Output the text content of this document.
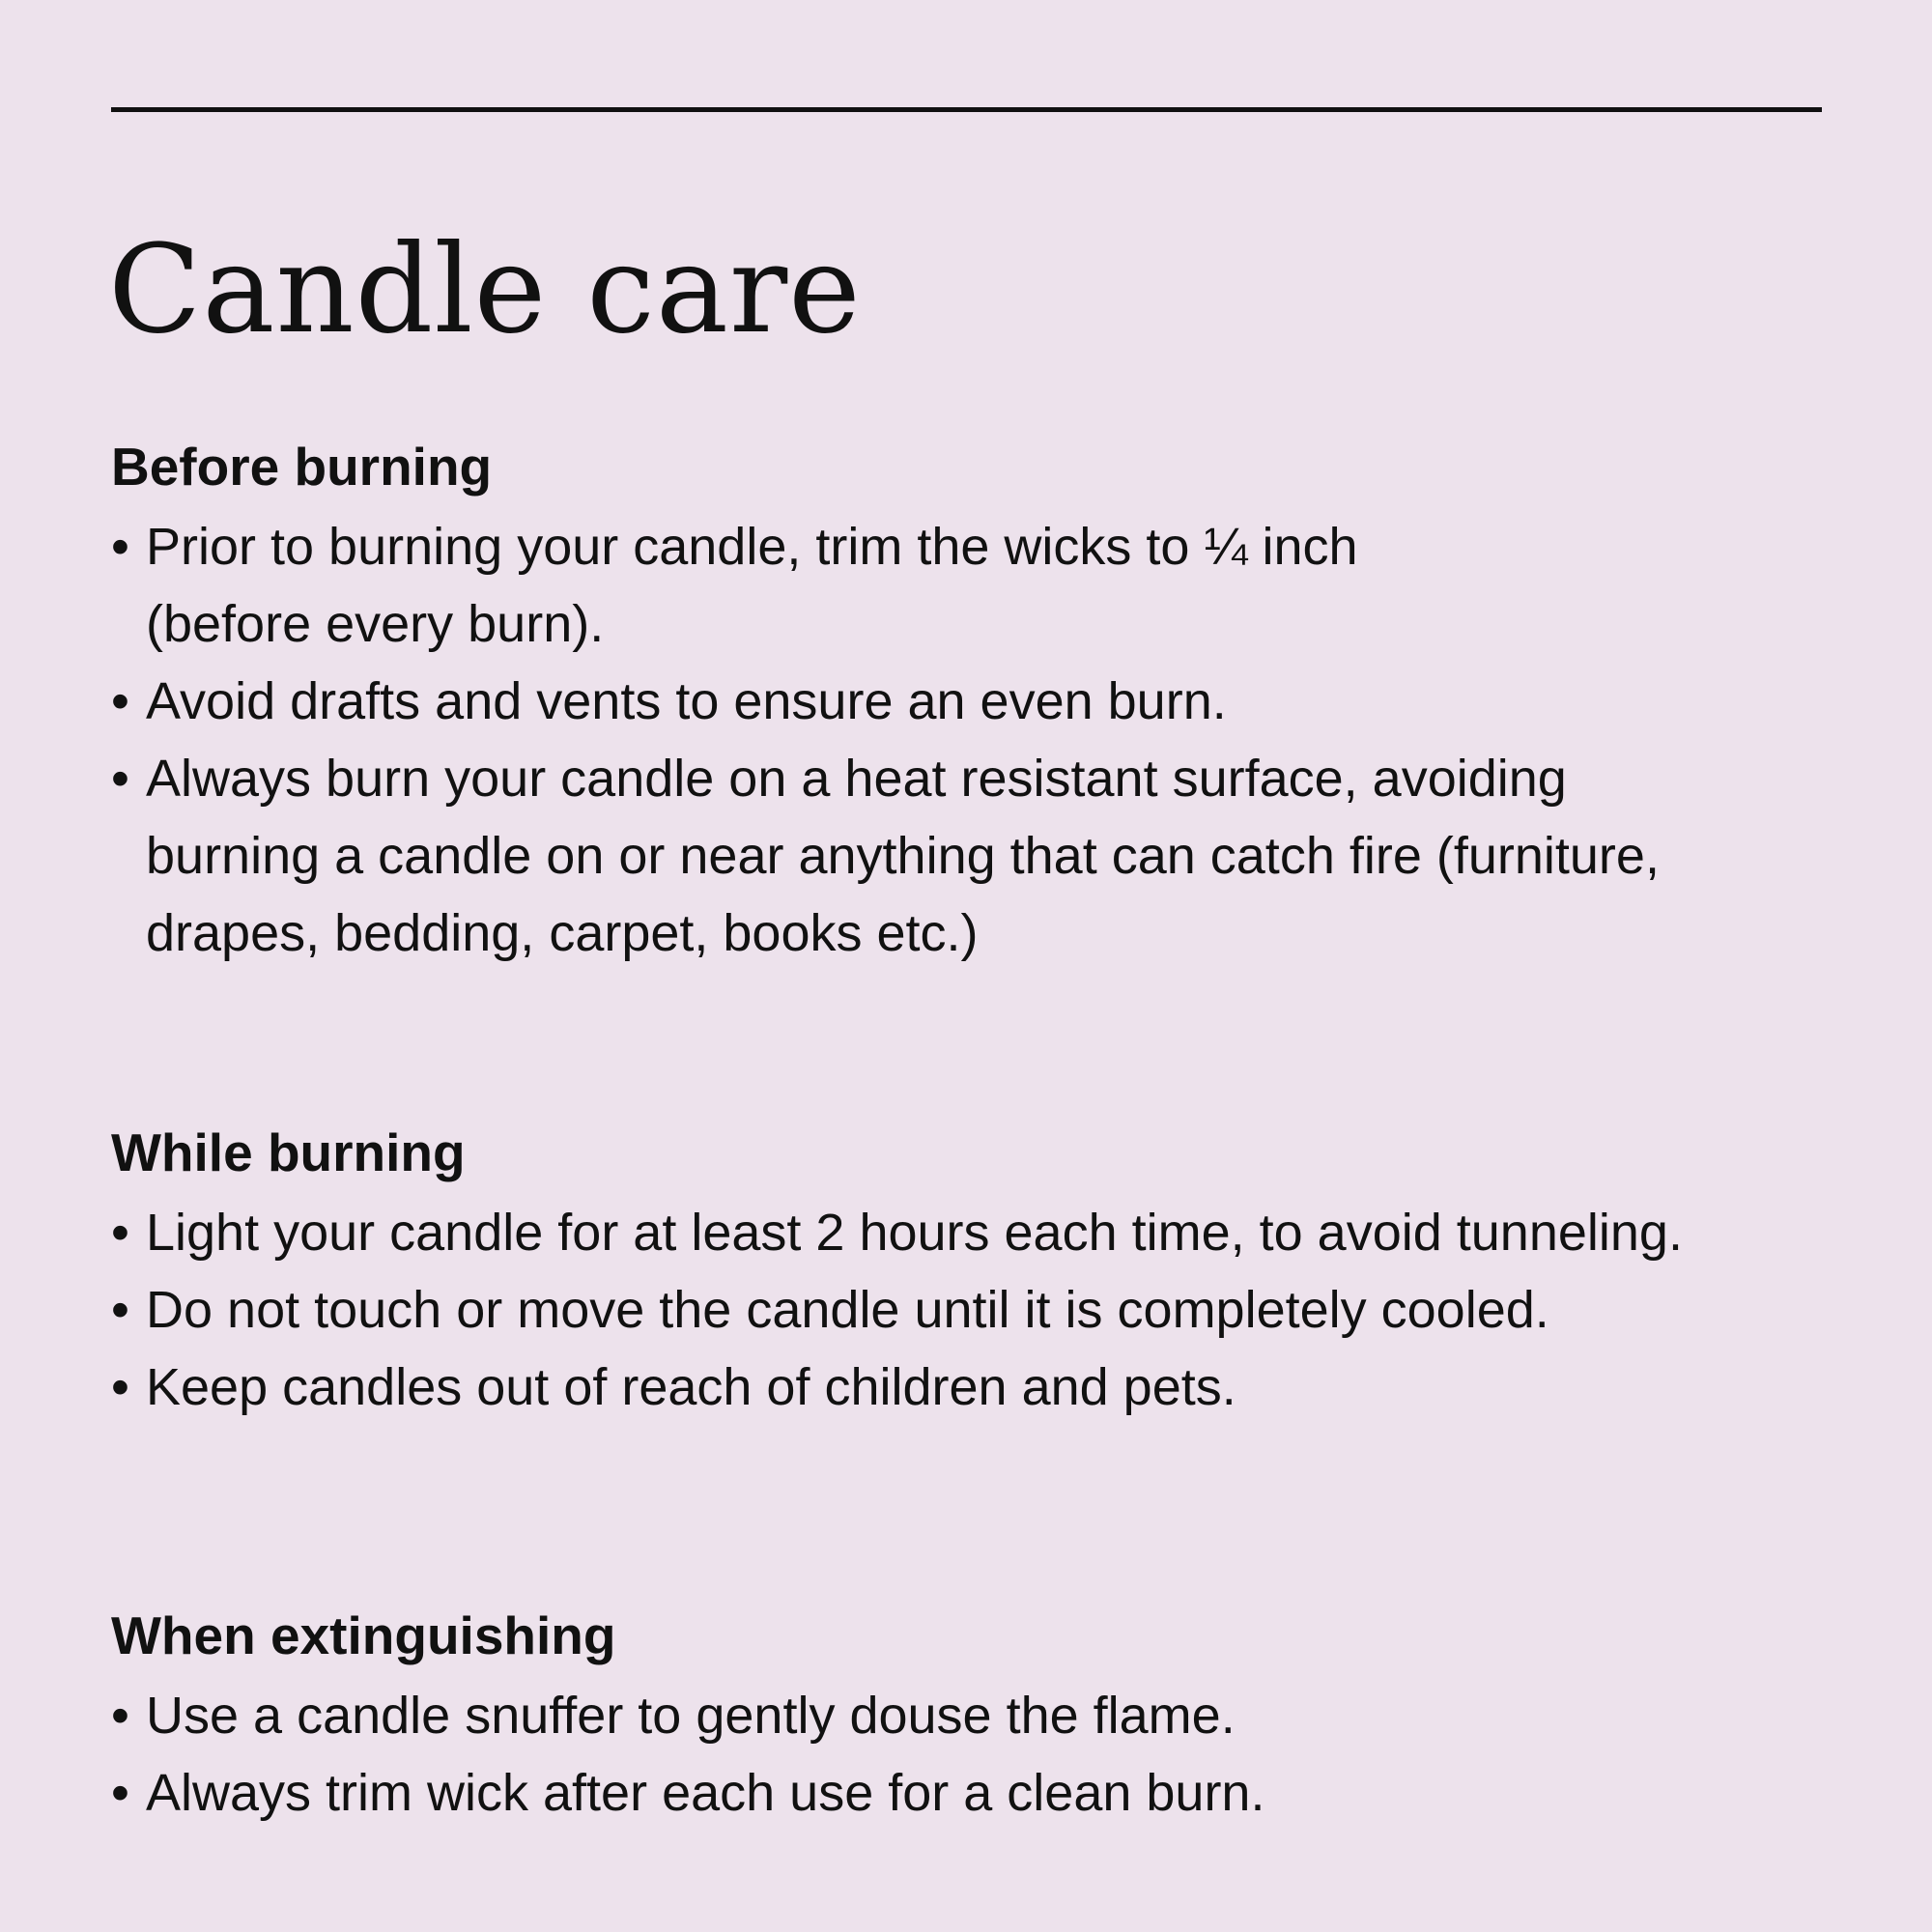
Candle care
Before burning
• Prior to burning your candle, trim the wicks to ¼ inch
(before every burn).
• Avoid drafts and vents to ensure an even burn.
• Always burn your candle on a heat resistant surface, avoiding
burning a candle on or near anything that can catch fire (furniture,
drapes, bedding, carpet, books etc.)
While burning
• Light your candle for at least 2 hours each time, to avoid tunneling.
• Do not touch or move the candle until it is completely cooled.
• Keep candles out of reach of children and pets.
When extinguishing
• Use a candle snuffer to gently douse the flame.
• Always trim wick after each use for a clean burn.
